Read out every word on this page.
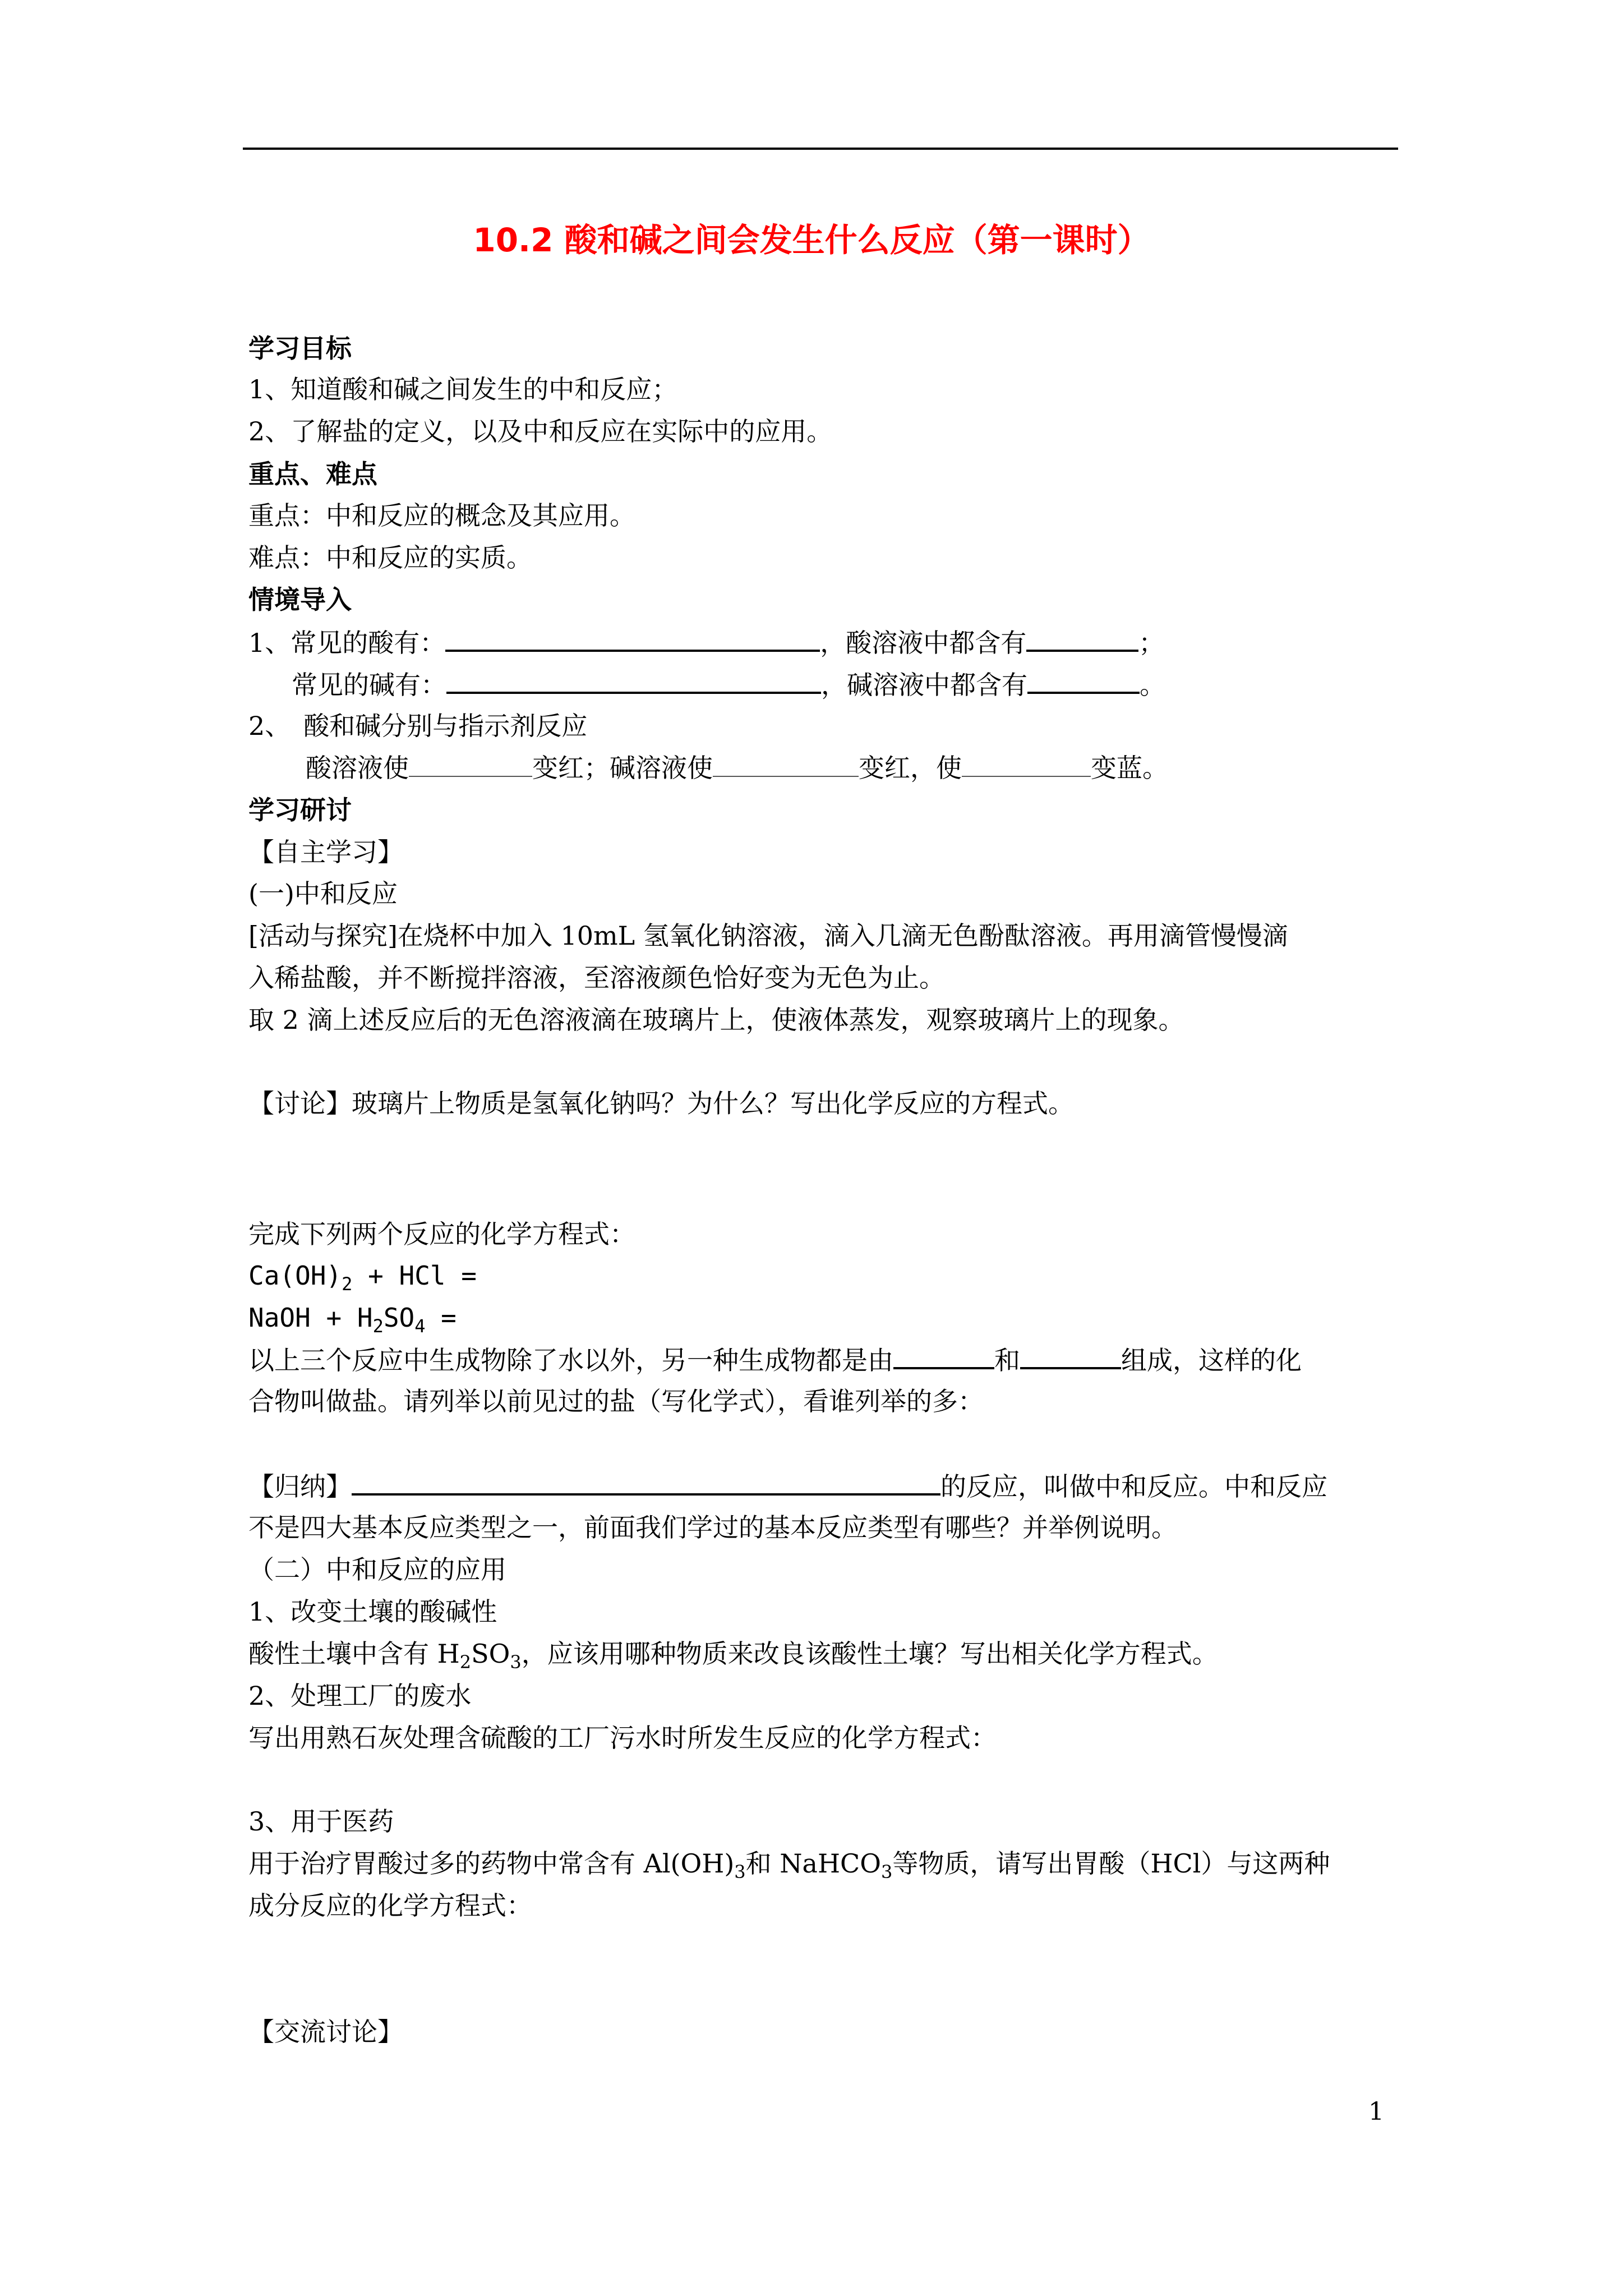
10.2 酸和碱之间会发生什么反应（第一课时）
学习目标
1、知道酸和碱之间发生的中和反应；
2、了解盐的定义，以及中和反应在实际中的应用。
重点、难点
重点：中和反应的概念及其应用。
难点：中和反应的实质。
情境导入
1、常见的酸有：	，酸溶液中都含有	；
常见的碱有：	，碱溶液中都含有	。
2、　酸和碱分别与指示剂反应
酸溶液使	变红；碱溶液使	变红，使	变蓝。
学习研讨
【自主学习】
(一)中和反应
[活动与探究]在烧杯中加入 10mL 氢氧化钠溶液，滴入几滴无色酚酞溶液。再用滴管慢慢滴
入稀盐酸，并不断搅拌溶液，至溶液颜色恰好变为无色为止。
取 2 滴上述反应后的无色溶液滴在玻璃片上，使液体蒸发，观察玻璃片上的现象。
【讨论】玻璃片上物质是氢氧化钠吗？为什么？写出化学反应的方程式。
完成下列两个反应的化学方程式：
$Ca(OH)_2$ + HCl =
NaOH + $H_2SO_4$ =
以上三个反应中生成物除了水以外，另一种生成物都是由	和	组成，这样的化
合物叫做盐。请列举以前见过的盐（写化学式），看谁列举的多：
【归纳】	的反应，叫做中和反应。中和反应
不是四大基本反应类型之一，前面我们学过的基本反应类型有哪些？并举例说明。
（二）中和反应的应用
1、改变土壤的酸碱性
酸性土壤中含有 $H_2SO_3$，应该用哪种物质来改良该酸性土壤？写出相关化学方程式。
2、处理工厂的废水
写出用熟石灰处理含硫酸的工厂污水时所发生反应的化学方程式：
3、用于医药
用于治疗胃酸过多的药物中常含有 $Al(OH)_3$和 NaHCO$_3$等物质，请写出胃酸（HCl）与这两种
成分反应的化学方程式：
【交流讨论】
1
